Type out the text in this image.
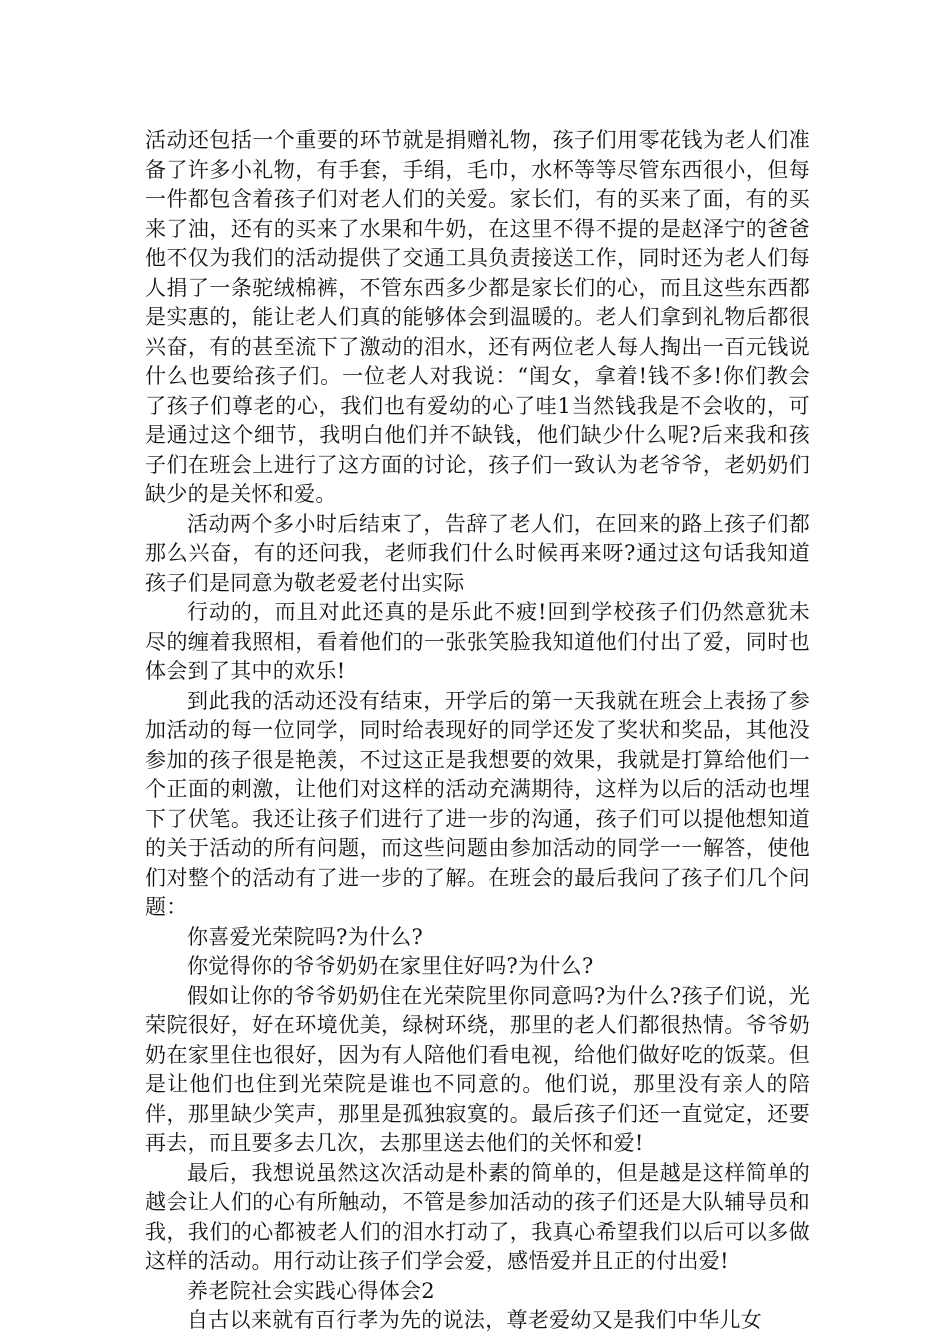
活动还包括一个重要的环节就是捐赠礼物，孩子们用零花钱为老人们准备了许多小礼物，有手套，手绢，毛巾，水杯等等尽管东西很小，但每一件都包含着孩子们对老人们的关爱。家长们，有的买来了面，有的买来了油，还有的买来了水果和牛奶，在这里不得不提的是赵泽宁的爸爸他不仅为我们的活动提供了交通工具负责接送工作，同时还为老人们每人捐了一条驼绒棉裤，不管东西多少都是家长们的心，而且这些东西都是实惠的，能让老人们真的能够体会到温暖的。老人们拿到礼物后都很兴奋，有的甚至流下了激动的泪水，还有两位老人每人掏出一百元钱说什么也要给孩子们。一位老人对我说：“闺女，拿着!钱不多!你们教会了孩子们尊老的心，我们也有爱幼的心了哇1当然钱我是不会收的，可是通过这个细节，我明白他们并不缺钱，他们缺少什么呢?后来我和孩子们在班会上进行了这方面的讨论，孩子们一致认为老爷爷，老奶奶们缺少的是关怀和爱。

活动两个多小时后结束了，告辞了老人们，在回来的路上孩子们都那么兴奋，有的还问我，老师我们什么时候再来呀?通过这句话我知道孩子们是同意为敬老爱老付出实际

行动的，而且对此还真的是乐此不疲!回到学校孩子们仍然意犹未尽的缠着我照相，看着他们的一张张笑脸我知道他们付出了爱，同时也体会到了其中的欢乐!

到此我的活动还没有结束，开学后的第一天我就在班会上表扬了参加活动的每一位同学，同时给表现好的同学还发了奖状和奖品，其他没参加的孩子很是艳羡，不过这正是我想要的效果，我就是打算给他们一个正面的刺激，让他们对这样的活动充满期待，这样为以后的活动也埋下了伏笔。我还让孩子们进行了进一步的沟通，孩子们可以提他想知道的关于活动的所有问题，而这些问题由参加活动的同学一一解答，使他们对整个的活动有了进一步的了解。在班会的最后我问了孩子们几个问题：

你喜爱光荣院吗?为什么?

你觉得你的爷爷奶奶在家里住好吗?为什么?

假如让你的爷爷奶奶住在光荣院里你同意吗?为什么?孩子们说，光荣院很好，好在环境优美，绿树环绕，那里的老人们都很热情。爷爷奶奶在家里住也很好，因为有人陪他们看电视，给他们做好吃的饭菜。但是让他们也住到光荣院是谁也不同意的。他们说，那里没有亲人的陪伴，那里缺少笑声，那里是孤独寂寞的。最后孩子们还一直觉定，还要再去，而且要多去几次，去那里送去他们的关怀和爱!

最后，我想说虽然这次活动是朴素的简单的，但是越是这样简单的越会让人们的心有所触动，不管是参加活动的孩子们还是大队辅导员和我，我们的心都被老人们的泪水打动了，我真心希望我们以后可以多做这样的活动。用行动让孩子们学会爱，感悟爱并且正的付出爱!

养老院社会实践心得体会2

自古以来就有百行孝为先的说法，尊老爱幼又是我们中华儿女
